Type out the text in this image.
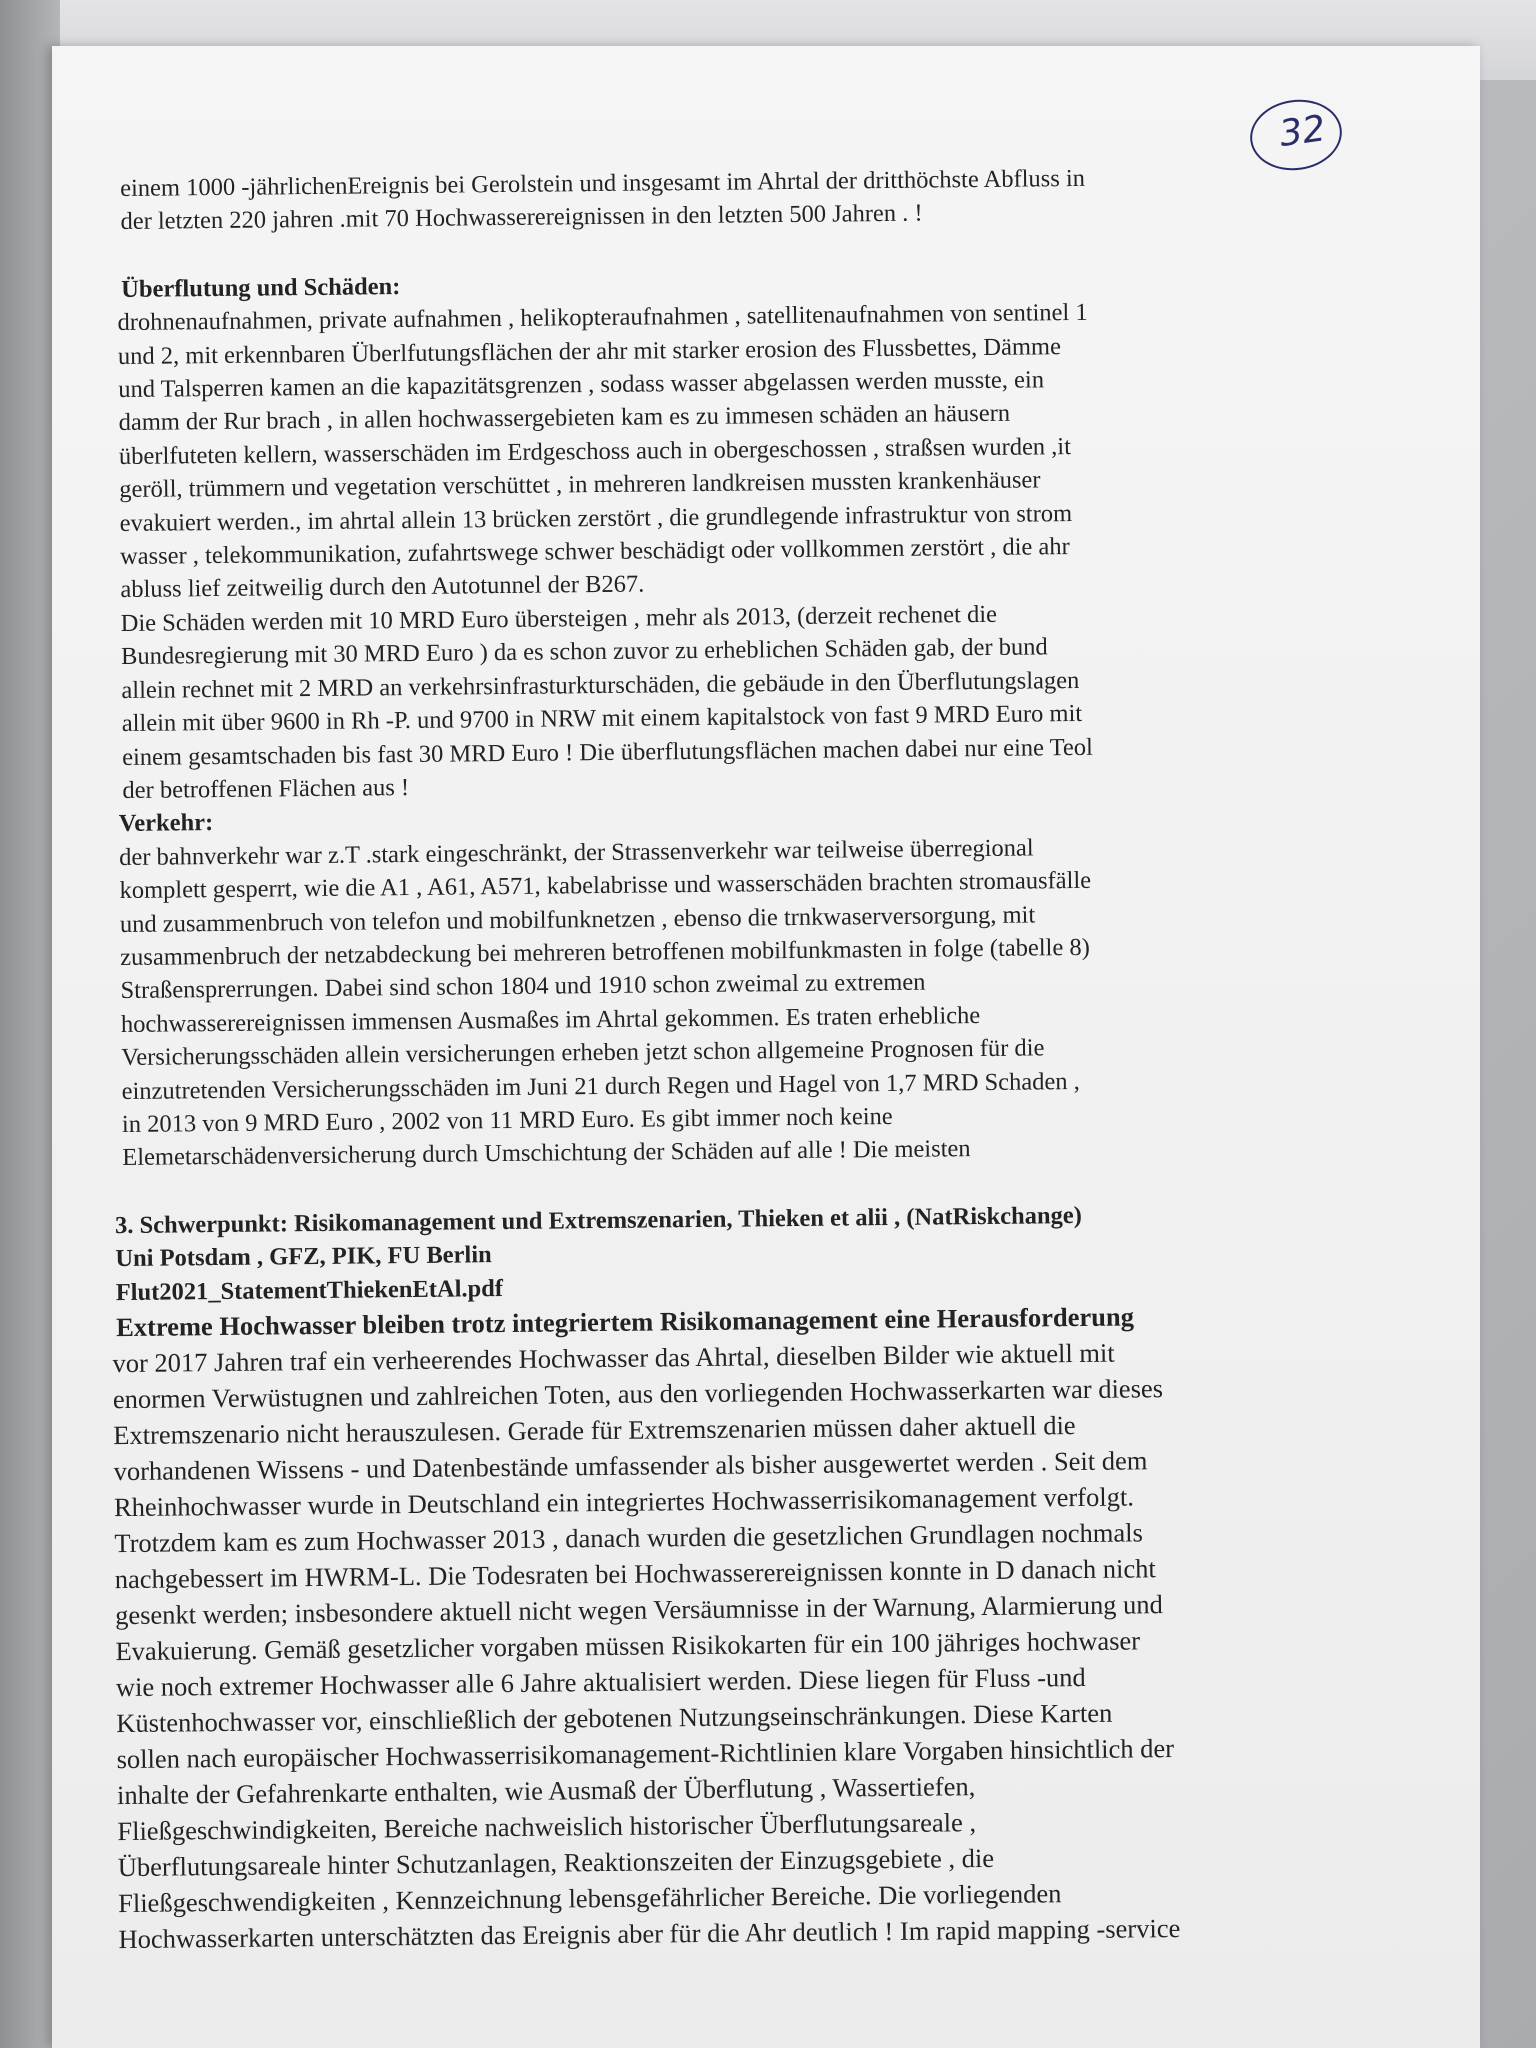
32
einem 1000 -jährlichenEreignis bei Gerolstein und insgesamt im Ahrtal der dritthöchste Abfluss in
der letzten 220 jahren .mit 70 Hochwasserereignissen in den letzten 500 Jahren . !
Überflutung und Schäden:
drohnenaufnahmen, private aufnahmen , helikopteraufnahmen , satellitenaufnahmen von sentinel 1
und 2, mit erkennbaren Überlfutungsflächen der ahr mit starker erosion des Flussbettes, Dämme
und Talsperren kamen an die kapazitätsgrenzen , sodass wasser abgelassen werden musste, ein
damm der Rur brach , in allen hochwassergebieten kam es zu immesen schäden an häusern
überlfuteten kellern, wasserschäden im Erdgeschoss auch in obergeschossen , straßsen wurden ,it
geröll, trümmern und vegetation verschüttet , in mehreren landkreisen mussten krankenhäuser
evakuiert werden., im ahrtal allein 13 brücken zerstört , die grundlegende infrastruktur von strom
wasser , telekommunikation, zufahrtswege schwer beschädigt oder vollkommen zerstört , die ahr
abluss lief zeitweilig durch den Autotunnel der B267.
Die Schäden werden mit 10 MRD Euro übersteigen , mehr als 2013, (derzeit rechenet die
Bundesregierung mit 30 MRD Euro ) da es schon zuvor zu erheblichen Schäden gab, der bund
allein rechnet mit 2 MRD an verkehrsinfrasturkturschäden, die gebäude in den Überflutungslagen
allein mit über 9600 in Rh -P. und 9700 in NRW mit einem kapitalstock von fast 9 MRD Euro mit
einem gesamtschaden bis fast 30 MRD Euro ! Die überflutungsflächen machen dabei nur eine Teol
der betroffenen Flächen aus !
Verkehr:
der bahnverkehr war z.T .stark eingeschränkt, der Strassenverkehr war teilweise überregional
komplett gesperrt, wie die A1 , A61, A571, kabelabrisse und wasserschäden brachten stromausfälle
und zusammenbruch von telefon und mobilfunknetzen , ebenso die trnkwaserversorgung, mit
zusammenbruch der netzabdeckung bei mehreren betroffenen mobilfunkmasten in folge (tabelle 8)
Straßensprerrungen. Dabei sind schon 1804 und 1910 schon zweimal zu extremen
hochwasserereignissen immensen Ausmaßes im Ahrtal gekommen. Es traten erhebliche
Versicherungsschäden allein versicherungen erheben jetzt schon allgemeine Prognosen für die
einzutretenden Versicherungsschäden im Juni 21 durch Regen und Hagel von 1,7 MRD Schaden ,
in 2013 von 9 MRD Euro , 2002 von 11 MRD Euro. Es gibt immer noch keine
Elemetarschädenversicherung durch Umschichtung der Schäden auf alle ! Die meisten
3. Schwerpunkt: Risikomanagement und Extremszenarien, Thieken et alii , (NatRiskchange)
Uni Potsdam , GFZ, PIK, FU Berlin
Flut2021_StatementThiekenEtAl.pdf
Extreme Hochwasser bleiben trotz integriertem Risikomanagement eine Herausforderung
vor 2017 Jahren traf ein verheerendes Hochwasser das Ahrtal, dieselben Bilder wie aktuell mit
enormen Verwüstugnen und zahlreichen Toten, aus den vorliegenden Hochwasserkarten war dieses
Extremszenario nicht herauszulesen. Gerade für Extremszenarien müssen daher aktuell die
vorhandenen Wissens - und Datenbestände umfassender als bisher ausgewertet werden . Seit dem
Rheinhochwasser wurde in Deutschland ein integriertes Hochwasserrisikomanagement verfolgt.
Trotzdem kam es zum Hochwasser 2013 , danach wurden die gesetzlichen Grundlagen nochmals
nachgebessert im HWRM-L. Die Todesraten bei Hochwasserereignissen konnte in D danach nicht
gesenkt werden; insbesondere aktuell nicht wegen Versäumnisse in der Warnung, Alarmierung und
Evakuierung. Gemäß gesetzlicher vorgaben müssen Risikokarten für ein 100 jähriges hochwaser
wie noch extremer Hochwasser alle 6 Jahre aktualisiert werden. Diese liegen für Fluss -und
Küstenhochwasser vor, einschließlich der gebotenen Nutzungseinschränkungen. Diese Karten
sollen nach europäischer Hochwasserrisikomanagement-Richtlinien klare Vorgaben hinsichtlich der
inhalte der Gefahrenkarte enthalten, wie Ausmaß der Überflutung , Wassertiefen,
Fließgeschwindigkeiten, Bereiche nachweislich historischer Überflutungsareale ,
Überflutungsareale hinter Schutzanlagen, Reaktionszeiten der Einzugsgebiete , die
Fließgeschwendigkeiten , Kennzeichnung lebensgefährlicher Bereiche. Die vorliegenden
Hochwasserkarten unterschätzten das Ereignis aber für die Ahr deutlich ! Im rapid mapping -service
